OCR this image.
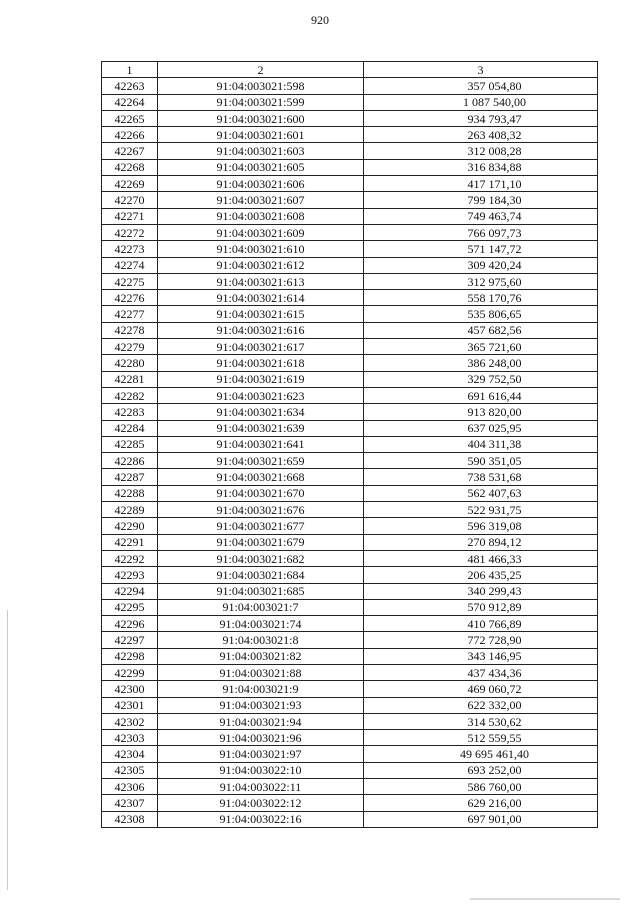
920
1	2	3
42263	91:04:003021:598	357 054,80
42264	91:04:003021:599	1 087 540,00
42265	91:04:003021:600	934 793,47
42266	91:04:003021:601	263 408,32
42267	91:04:003021:603	312 008,28
42268	91:04:003021:605	316 834,88
42269	91:04:003021:606	417 171,10
42270	91:04:003021:607	799 184,30
42271	91:04:003021:608	749 463,74
42272	91:04:003021:609	766 097,73
42273	91:04:003021:610	571 147,72
42274	91:04:003021:612	309 420,24
42275	91:04:003021:613	312 975,60
42276	91:04:003021:614	558 170,76
42277	91:04:003021:615	535 806,65
42278	91:04:003021:616	457 682,56
42279	91:04:003021:617	365 721,60
42280	91:04:003021:618	386 248,00
42281	91:04:003021:619	329 752,50
42282	91:04:003021:623	691 616,44
42283	91:04:003021:634	913 820,00
42284	91:04:003021:639	637 025,95
42285	91:04:003021:641	404 311,38
42286	91:04:003021:659	590 351,05
42287	91:04:003021:668	738 531,68
42288	91:04:003021:670	562 407,63
42289	91:04:003021:676	522 931,75
42290	91:04:003021:677	596 319,08
42291	91:04:003021:679	270 894,12
42292	91:04:003021:682	481 466,33
42293	91:04:003021:684	206 435,25
42294	91:04:003021:685	340 299,43
42295	91:04:003021:7	570 912,89
42296	91:04:003021:74	410 766,89
42297	91:04:003021:8	772 728,90
42298	91:04:003021:82	343 146,95
42299	91:04:003021:88	437 434,36
42300	91:04:003021:9	469 060,72
42301	91:04:003021:93	622 332,00
42302	91:04:003021:94	314 530,62
42303	91:04:003021:96	512 559,55
42304	91:04:003021:97	49 695 461,40
42305	91:04:003022:10	693 252,00
42306	91:04:003022:11	586 760,00
42307	91:04:003022:12	629 216,00
42308	91:04:003022:16	697 901,00
